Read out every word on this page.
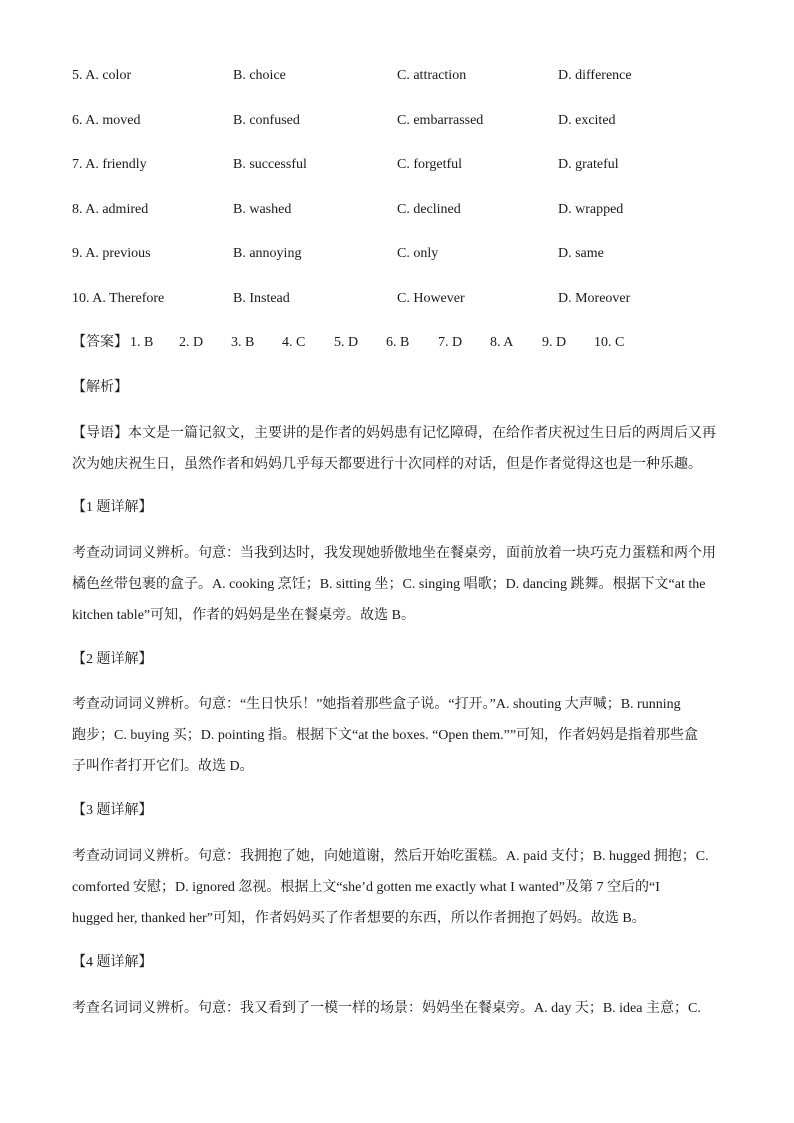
5. A. color	B. choice	C. attraction	D. difference
6. A. moved	B. confused	C. embarrassed	D. excited
7. A. friendly	B. successful	C. forgetful	D. grateful
8. A. admired	B. washed	C. declined	D. wrapped
9. A. previous	B. annoying	C. only	D. same
10. A. Therefore	B. Instead	C. However	D. Moreover
【答案】 1. B 2. D 3. B 4. C 5. D 6. B 7. D 8. A 9. D 10. C
【解析】
【导语】本文是一篇记叙文，主要讲的是作者的妈妈患有记忆障碍，在给作者庆祝过生日后的两周后又再
次为她庆祝生日，虽然作者和妈妈几乎每天都要进行十次同样的对话，但是作者觉得这也是一种乐趣。
【1 题详解】
考查动词词义辨析。句意：当我到达时，我发现她骄傲地坐在餐桌旁，面前放着一块巧克力蛋糕和两个用
橘色丝带包裹的盒子。A. cooking 烹饪；B. sitting 坐；C. singing 唱歌；D. dancing 跳舞。根据下文“at the
kitchen table”可知，作者的妈妈是坐在餐桌旁。故选 B。
【2 题详解】
考查动词词义辨析。句意：“生日快乐！”她指着那些盒子说。“打开。”A. shouting 大声喊；B. running
跑步；C. buying 买；D. pointing 指。根据下文“at the boxes. “Open them.””可知，作者妈妈是指着那些盒
子叫作者打开它们。故选 D。
【3 题详解】
考查动词词义辨析。句意：我拥抱了她，向她道谢，然后开始吃蛋糕。A. paid 支付；B. hugged 拥抱；C.
comforted 安慰；D. ignored 忽视。根据上文“she’d gotten me exactly what I wanted”及第 7 空后的“I
hugged her, thanked her”可知，作者妈妈买了作者想要的东西，所以作者拥抱了妈妈。故选 B。
【4 题详解】
考查名词词义辨析。句意：我又看到了一模一样的场景：妈妈坐在餐桌旁。A. day 天；B. idea 主意；C.
